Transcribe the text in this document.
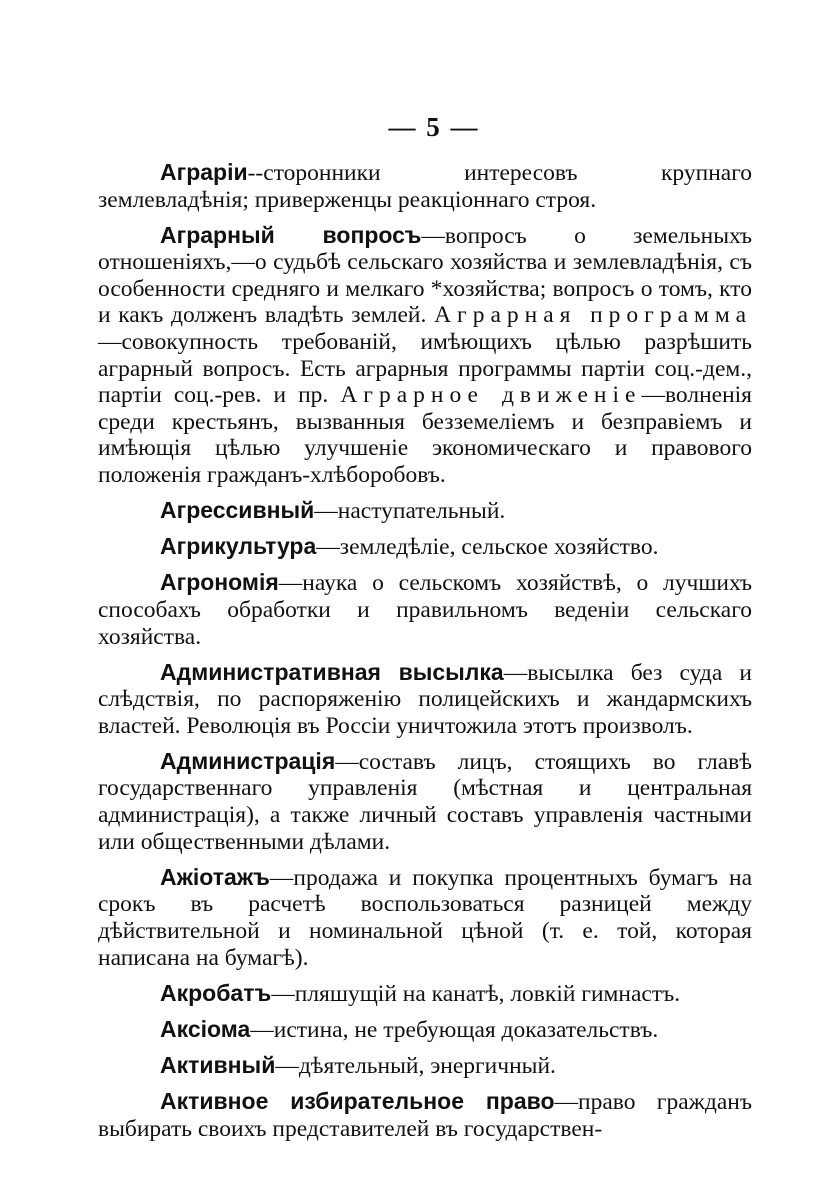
— 5 —

Аграріи--сторонники интересовъ крупнаго землевладѣнія; приверженцы реакціоннаго строя.

Аграрный вопросъ—вопросъ о земельныхъ отношеніяхъ,—о судьбѣ сельскаго хозяйства и землевладѣнія, съ особенности средняго и мелкаго *хозяйства; вопросъ о томъ, кто и какъ долженъ владѣть землей. Аграрная программа—совокупность требованій, имѣющихъ цѣлью разрѣшить аграрный вопросъ. Есть аграрныя программы партіи соц.-дем., партіи соц.-рев. и пр. Аграрное движеніе—волненія среди крестьянъ, вызванныя безземеліемъ и безправіемъ и имѣющія цѣлью улучшеніе экономическаго и правового положенія гражданъ-хлѣборобовъ.

Агрессивный—наступательный.

Агрикультура—земледѣліе, сельское хозяйство.

Агрономія—наука о сельскомъ хозяйствѣ, о лучшихъ способахъ обработки и правильномъ веденіи сельскаго хозяйства.

Административная высылка—высылка без суда и слѣдствія, по распоряженію полицейскихъ и жандармскихъ властей. Революція въ Россіи уничтожила этотъ произволъ.

Администрація—составъ лицъ, стоящихъ во главѣ государственнаго управленія (мѣстная и центральная администрація), а также личный составъ управленія частными или общественными дѣлами.

Ажіотажъ—продажа и покупка процентныхъ бумагъ на срокъ въ расчетѣ воспользоваться разницей между дѣйствительной и номинальной цѣной (т. е. той, которая написана на бумагѣ).

Акробатъ—пляшущій на канатѣ, ловкій гимнастъ.

Аксіома—истина, не требующая доказательствъ.

Активный—дѣятельный, энергичный.

Активное избирательное право—право гражданъ выбирать своихъ представителей въ государствен-
